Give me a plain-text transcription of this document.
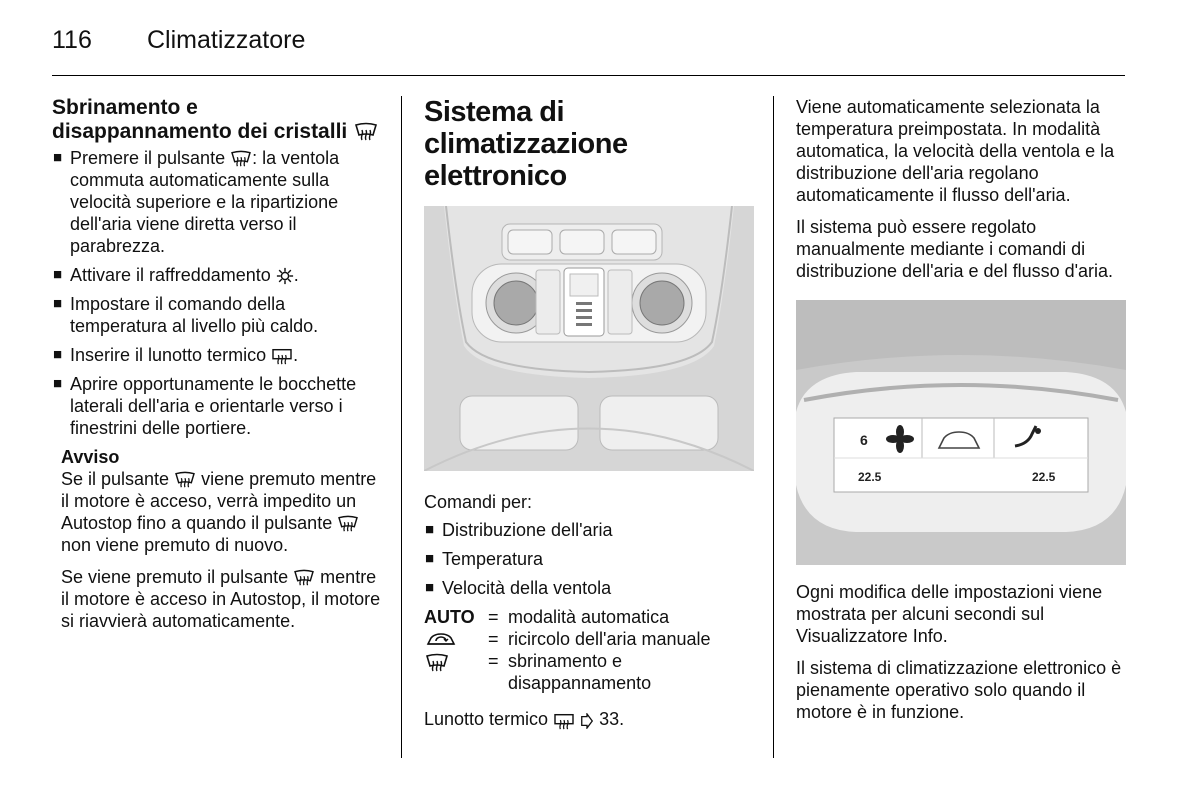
116 Climatizzatore
Sbrinamento e disappannamento dei cristalli
■ Premere il pulsante : la ventola commuta automaticamente sulla velocità superiore e la ripartizione dell'aria viene diretta verso il parabrezza.
■ Attivare il raffreddamento .
■ Impostare il comando della temperatura al livello più caldo.
■ Inserire il lunotto termico .
■ Aprire opportunamente le bocchette laterali dell'aria e orientarle verso i finestrini delle portiere.
Avviso

Se il pulsante viene premuto mentre il motore è acceso, verrà impedito un Autostop fino a quando il pulsante  non viene premuto di nuovo.

Se viene premuto il pulsante mentre il motore è acceso in Autostop, il motore si riavvierà automaticamente.

Sistema di climatizzazione elettronico

Comandi per:

■ Distribuzione dell'aria
■ Temperatura
■ Velocità della ventola
AUTO = modalità automatica
= ricircolo dell'aria manuale
= sbrinamento e disappannamento

Lunotto termico	33.

Viene automaticamente selezionata la temperatura preimpostata. In modalità automatica, la velocità della ventola e la distribuzione dell'aria regolano automaticamente il flusso dell'aria.

Il sistema può essere regolato manualmente mediante i comandi di distribuzione dell'aria e del flusso d'aria.

6
22.5	22.5

Ogni modifica delle impostazioni viene mostrata per alcuni secondi sul Visualizzatore Info.

Il sistema di climatizzazione elettronico è pienamente operativo solo quando il motore è in funzione.
